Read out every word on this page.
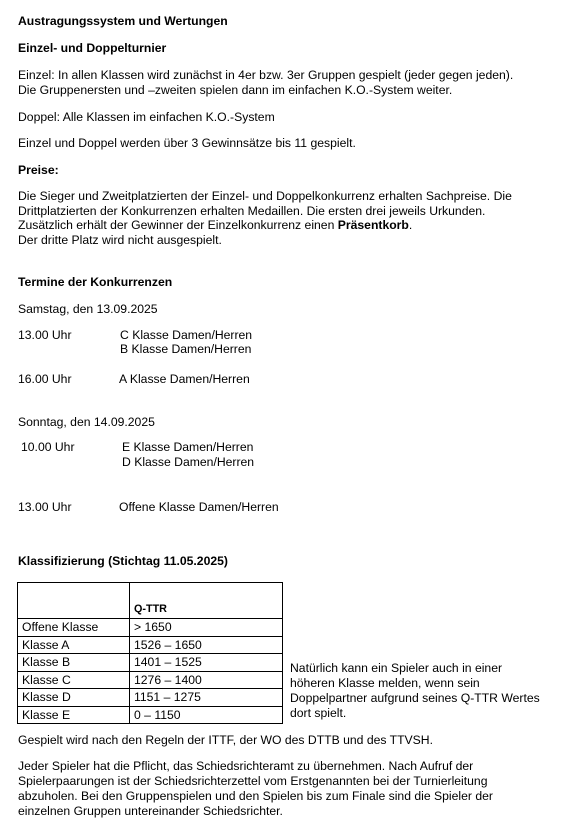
Austragungssystem und Wertungen
Einzel- und Doppelturnier
Einzel: In allen Klassen wird zunächst in 4er bzw. 3er Gruppen gespielt (jeder gegen jeden).
Die Gruppenersten und –zweiten spielen dann im einfachen K.O.-System weiter.
Doppel: Alle Klassen im einfachen K.O.-System
Einzel und Doppel werden über 3 Gewinnsätze bis 11 gespielt.
Preise:
Die Sieger und Zweitplatzierten der Einzel- und Doppelkonkurrenz erhalten Sachpreise. Die
Drittplatzierten der Konkurrenzen erhalten Medaillen. Die ersten drei jeweils Urkunden.
Zusätzlich erhält der Gewinner der Einzelkonkurrenz einen Präsentkorb.
Der dritte Platz wird nicht ausgespielt.
Termine der Konkurrenzen
Samstag, den 13.09.2025
13.00 Uhr	C Klasse Damen/Herren
B Klasse Damen/Herren
16.00 Uhr	A Klasse Damen/Herren
Sonntag, den 14.09.2025
10.00 Uhr	E Klasse Damen/Herren
D Klasse Damen/Herren
13.00 Uhr	Offene Klasse Damen/Herren
Klassifizierung (Stichtag 11.05.2025)
	Q-TTR
Offene Klasse	> 1650
Klasse A	1526 – 1650
Klasse B	1401 – 1525
Klasse C	1276 – 1400
Klasse D	1151 – 1275
Klasse E	0 – 1150
Natürlich kann ein Spieler auch in einer
höheren Klasse melden, wenn sein
Doppelpartner aufgrund seines Q-TTR Wertes
dort spielt.
Gespielt wird nach den Regeln der ITTF, der WO des DTTB und des TTVSH.
Jeder Spieler hat die Pflicht, das Schiedsrichteramt zu übernehmen. Nach Aufruf der
Spielerpaarungen ist der Schiedsrichterzettel vom Erstgenannten bei der Turnierleitung
abzuholen. Bei den Gruppenspielen und den Spielen bis zum Finale sind die Spieler der
einzelnen Gruppen untereinander Schiedsrichter.
